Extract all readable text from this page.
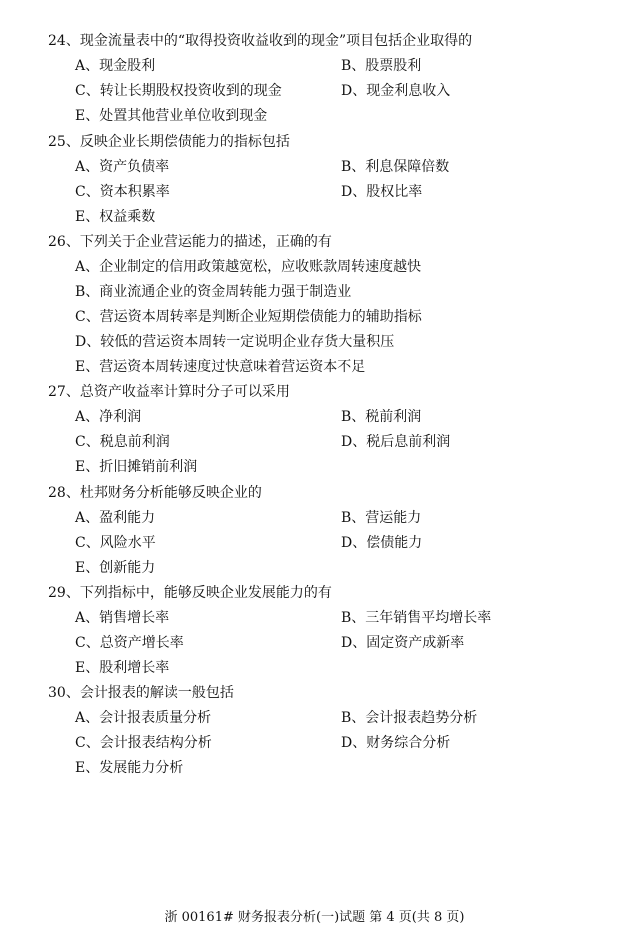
24、现金流量表中的“取得投资收益收到的现金”项目包括企业取得的
A、现金股利	B、股票股利
C、转让长期股权投资收到的现金	D、现金利息收入
E、处置其他营业单位收到现金
25、反映企业长期偿债能力的指标包括
A、资产负债率	B、利息保障倍数
C、资本积累率	D、股权比率
E、权益乘数
26、下列关于企业营运能力的描述，正确的有
A、企业制定的信用政策越宽松，应收账款周转速度越快
B、商业流通企业的资金周转能力强于制造业
C、营运资本周转率是判断企业短期偿债能力的辅助指标
D、较低的营运资本周转一定说明企业存货大量积压
E、营运资本周转速度过快意味着营运资本不足
27、总资产收益率计算时分子可以采用
A、净利润	B、税前利润
C、税息前利润	D、税后息前利润
E、折旧摊销前利润
28、杜邦财务分析能够反映企业的
A、盈利能力	B、营运能力
C、风险水平	D、偿债能力
E、创新能力
29、下列指标中，能够反映企业发展能力的有
A、销售增长率	B、三年销售平均增长率
C、总资产增长率	D、固定资产成新率
E、股利增长率
30、会计报表的解读一般包括
A、会计报表质量分析	B、会计报表趋势分析
C、会计报表结构分析	D、财务综合分析
E、发展能力分析
浙 00161# 财务报表分析(一)试题 第 4 页(共 8 页)
